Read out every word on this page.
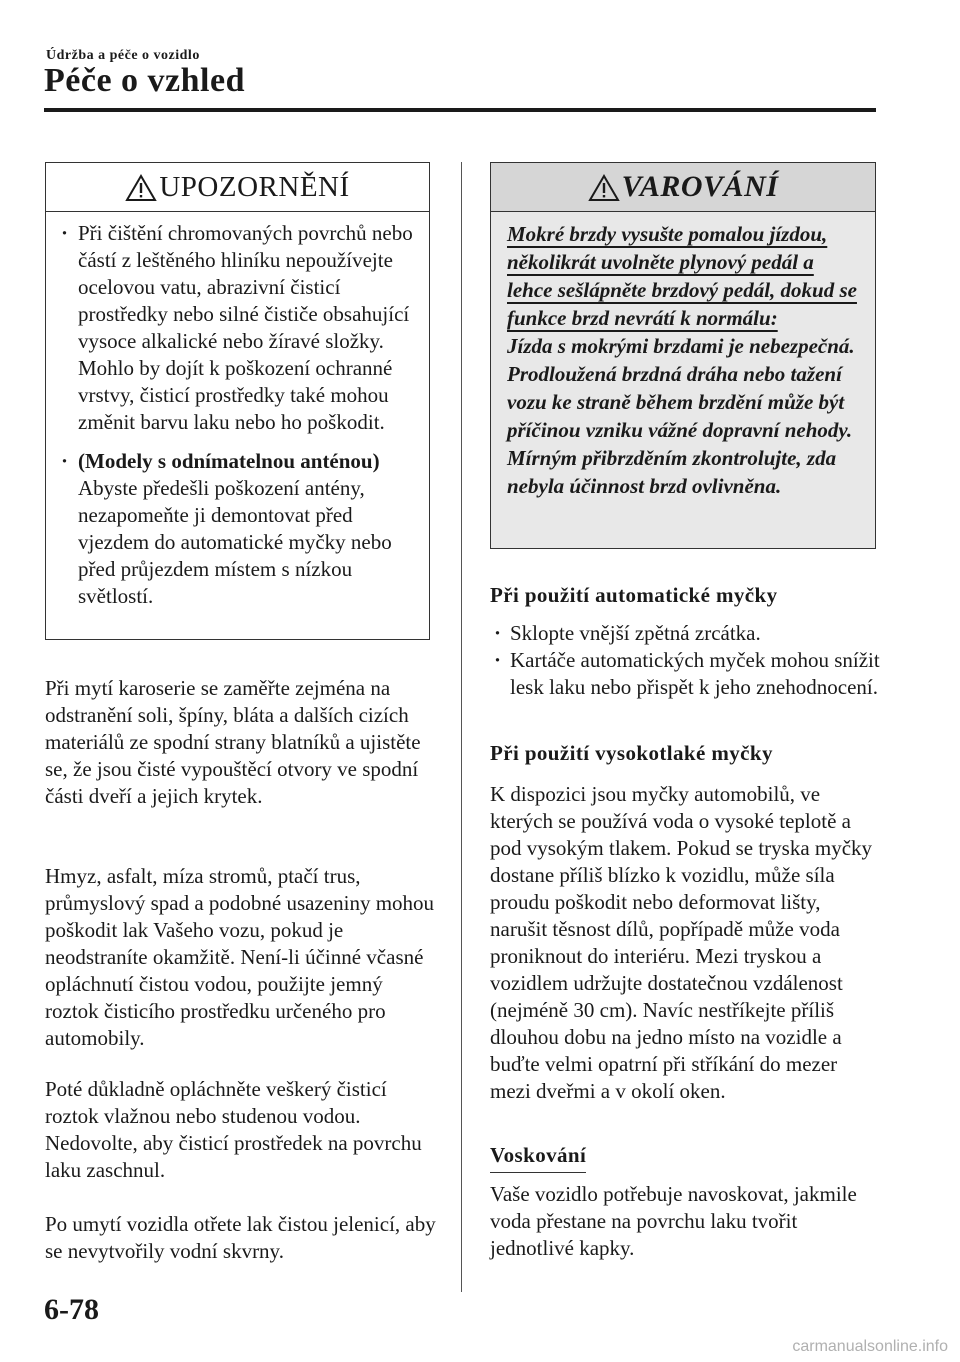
Údržba a péče o vozidlo
Péče o vzhled
UPOZORNĚNÍ
· Při čištění chromovaných povrchů nebo částí z leštěného hliníku nepoužívejte ocelovou vatu, abrazivní čisticí prostředky nebo silné čističe obsahující vysoce alkalické nebo žíravé složky. Mohlo by dojít k poškození ochranné vrstvy, čisticí prostředky také mohou změnit barvu laku nebo ho poškodit.
· (Modely s odnímatelnou anténou)
Abyste předešli poškození antény, nezapomeňte ji demontovat před vjezdem do automatické myčky nebo před průjezdem místem s nízkou světlostí.

Při mytí karoserie se zaměřte zejména na odstranění soli, špíny, bláta a dalších cizích materiálů ze spodní strany blatníků a ujistěte se, že jsou čisté vypouštěcí otvory ve spodní části dveří a jejich krytek.

Hmyz, asfalt, míza stromů, ptačí trus, průmyslový spad a podobné usazeniny mohou poškodit lak Vašeho vozu, pokud je neodstraníte okamžitě. Není-li účinné včasné opláchnutí čistou vodou, použijte jemný roztok čisticího prostředku určeného pro automobily.

Poté důkladně opláchněte veškerý čisticí roztok vlažnou nebo studenou vodou. Nedovolte, aby čisticí prostředek na povrchu laku zaschnul.

Po umytí vozidla otřete lak čistou jelenicí, aby se nevytvořily vodní skvrny.

VAROVÁNÍ
Mokré brzdy vysušte pomalou jízdou, několikrát uvolněte plynový pedál a lehce sešlápněte brzdový pedál, dokud se funkce brzd nevrátí k normálu:
Jízda s mokrými brzdami je nebezpečná. Prodloužená brzdná dráha nebo tažení vozu ke straně během brzdění může být příčinou vzniku vážné dopravní nehody. Mírným přibrzděním zkontrolujte, zda nebyla účinnost brzd ovlivněna.
Při použití automatické myčky
· Sklopte vnější zpětná zrcátka.
· Kartáče automatických myček mohou snížit lesk laku nebo přispět k jeho znehodnocení.
Při použití vysokotlaké myčky

K dispozici jsou myčky automobilů, ve kterých se používá voda o vysoké teplotě a pod vysokým tlakem. Pokud se tryska myčky dostane příliš blízko k vozidlu, může síla proudu poškodit nebo deformovat lišty, narušit těsnost dílů, popřípadě může voda proniknout do interiéru. Mezi tryskou a vozidlem udržujte dostatečnou vzdálenost (nejméně 30 cm). Navíc nestříkejte příliš dlouhou dobu na jedno místo na vozidle a buďte velmi opatrní při stříkání do mezer mezi dveřmi a v okolí oken.

Voskování

Vaše vozidlo potřebuje navoskovat, jakmile voda přestane na povrchu laku tvořit jednotlivé kapky.

6-78
carmanualsonline.info
